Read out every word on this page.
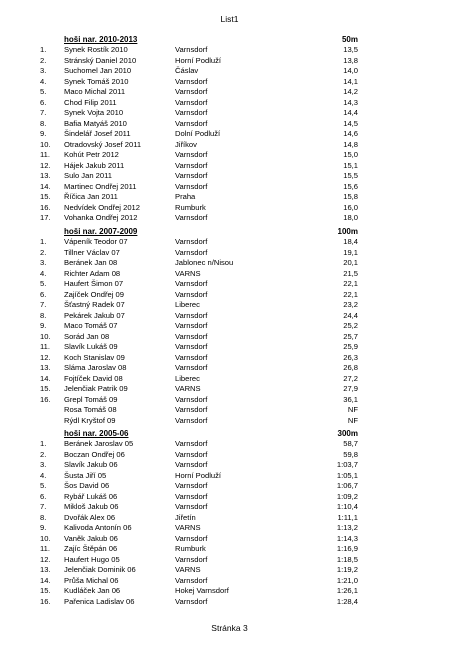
List1
hoši nar. 2010-2013	50m
1. Synek Rostík 2010	Varnsdorf	13,5
2. Stránský Daniel 2010	Horní Podluží	13,8
3. Suchomel Jan 2010	Čáslav	14,0
4. Synek Tomáš 2010	Varnsdorf	14,1
5. Maco Michal 2011	Varnsdorf	14,2
6. Chod Filip 2011	Varnsdorf	14,3
7. Synek Vojta 2010	Varnsdorf	14,4
8. Bafia Matyáš 2010	Varnsdorf	14,5
9. Šindelář Josef 2011	Dolní Podluží	14,6
10. Otradovský Josef 2011	Jiříkov	14,8
11. Kohút Petr 2012	Varnsdorf	15,0
12. Hájek Jakub 2011	Varnsdorf	15,1
13. Sulo Jan 2011	Varnsdorf	15,5
14. Martinec Ondřej 2011	Varnsdorf	15,6
15. Říčica Jan 2011	Praha	15,8
16. Nedvídek Ondřej 2012	Rumburk	16,0
17. Vohanka Ondřej 2012	Varnsdorf	18,0
hoši nar. 2007-2009	100m
1. Vápeník Teodor 07	Varnsdorf	18,4
2. Tillner Václav 07	Varnsdorf	19,1
3. Beránek Jan 08	Jablonec n/Nisou	20,1
4. Richter Adam 08	VARNS	21,5
5. Haufert Šimon 07	Varnsdorf	22,1
6. Zajíček Ondřej 09	Varnsdorf	22,1
7. Šťastný Radek 07	Liberec	23,2
8. Pekárek Jakub 07	Varnsdorf	24,4
9. Maco Tomáš 07	Varnsdorf	25,2
10. Sorád Jan 08	Varnsdorf	25,7
11. Slavík Lukáš 09	Varnsdorf	25,9
12. Koch Stanislav 09	Varnsdorf	26,3
13. Sláma Jaroslav 08	Varnsdorf	26,8
14. Fojtíček David 08	Liberec	27,2
15. Jelenčiak Patrik 09	VARNS	27,9
16. Grepl Tomáš 09	Varnsdorf	36,1
Rosa Tomáš 08	Varnsdorf	NF
Rýdl Kryštof 09	Varnsdorf	NF
hoši nar. 2005-06	300m
1. Beránek Jaroslav 05	Varnsdorf	58,7
2. Boczan Ondřej 06	Varnsdorf	59,8
3. Slavík Jakub 06	Varnsdorf	1:03,7
4. Šusta Jiří 05	Horní Podluží	1:05,1
5. Šos David 06	Varnsdorf	1:06,7
6. Rybář Lukáš 06	Varnsdorf	1:09,2
7. Mikloš Jakub 06	Varnsdorf	1:10,4
8. Dvořák Alex 06	Jiřetín	1:11,1
9. Kalivoda Antonín 06	VARNS	1:13,2
10. Vaněk Jakub 06	Varnsdorf	1:14,3
11. Zajíc Štěpán 06	Rumburk	1:16,9
12. Haufert Hugo 05	Varnsdorf	1:18,5
13. Jelenčiak Dominik 06	VARNS	1:19,2
14. Průša Michal 06	Varnsdorf	1:21,0
15. Kudláček Jan 06	Hokej Varnsdorf	1:26,1
16. Pařenica Ladislav 06	Varnsdorf	1:28,4
Stránka 3
